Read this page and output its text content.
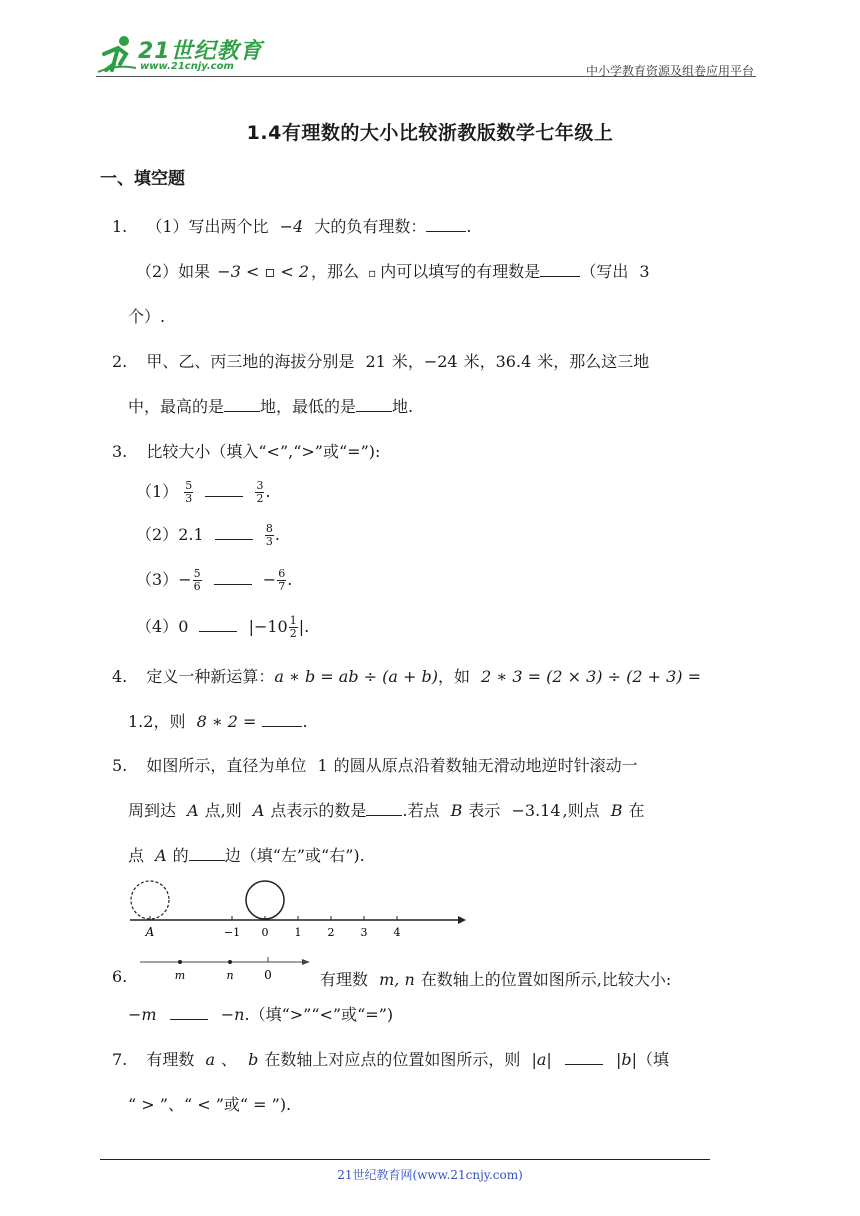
21世纪教育
www.21cnjy.com	中小学教育资源及组卷应用平台
1.4有理数的大小比较浙教版数学七年级上
一、填空题
1. （1）写出两个比 −4 大的负有理数：	.
（2）如果 −3 < ▫ < 2 ，那么 ▫ 内可以填写的有理数是	（写出 3
个）.
2. 甲、乙、丙三地的海拔分别是 21 米，−24 米，36.4 米，那么这三地
中，最高的是 地，最低的是 地.
3. 比较大小（填入“<”,“>”或“=”):
$(1) \frac{5}{3}$
	$\frac{3}{2}$ .
（2）2.1	$\frac{8}{3}$ .
$(3)- \frac{5}{6}$	− $\frac{6}{7}$ .
（4）0	$|-10 \frac{1}{2}$ |.
4. 定义一种新运算：a ∗ b = ab ÷ (a + b)，如 2 ∗ 3 = (2 × 3) ÷ (2 + 3) =
1.2，则 8 ∗ 2 =	.
5. 如图所示，直径为单位 1 的圆从原点沿着数轴无滑动地逆时针滚动一
周到达 A 点,则 A 点表示的数是 .若点 B 表示 −3.14 ,则点 B 在
点 A 的 边（填“左”或“右”).
A	−1 0 1 2 3 4
6.	m	n	0	有理数 m, n 在数轴上的位置如图所示,比较大小:
−m	−n.（填“>”“<”或“=”)
7. 有理数 a 、 b 在数轴上对应点的位置如图所示，则 |a|	|b|（填
“ > ”、“ < ”或“ = ”).
21世纪教育网(www.21cnjy.com)
